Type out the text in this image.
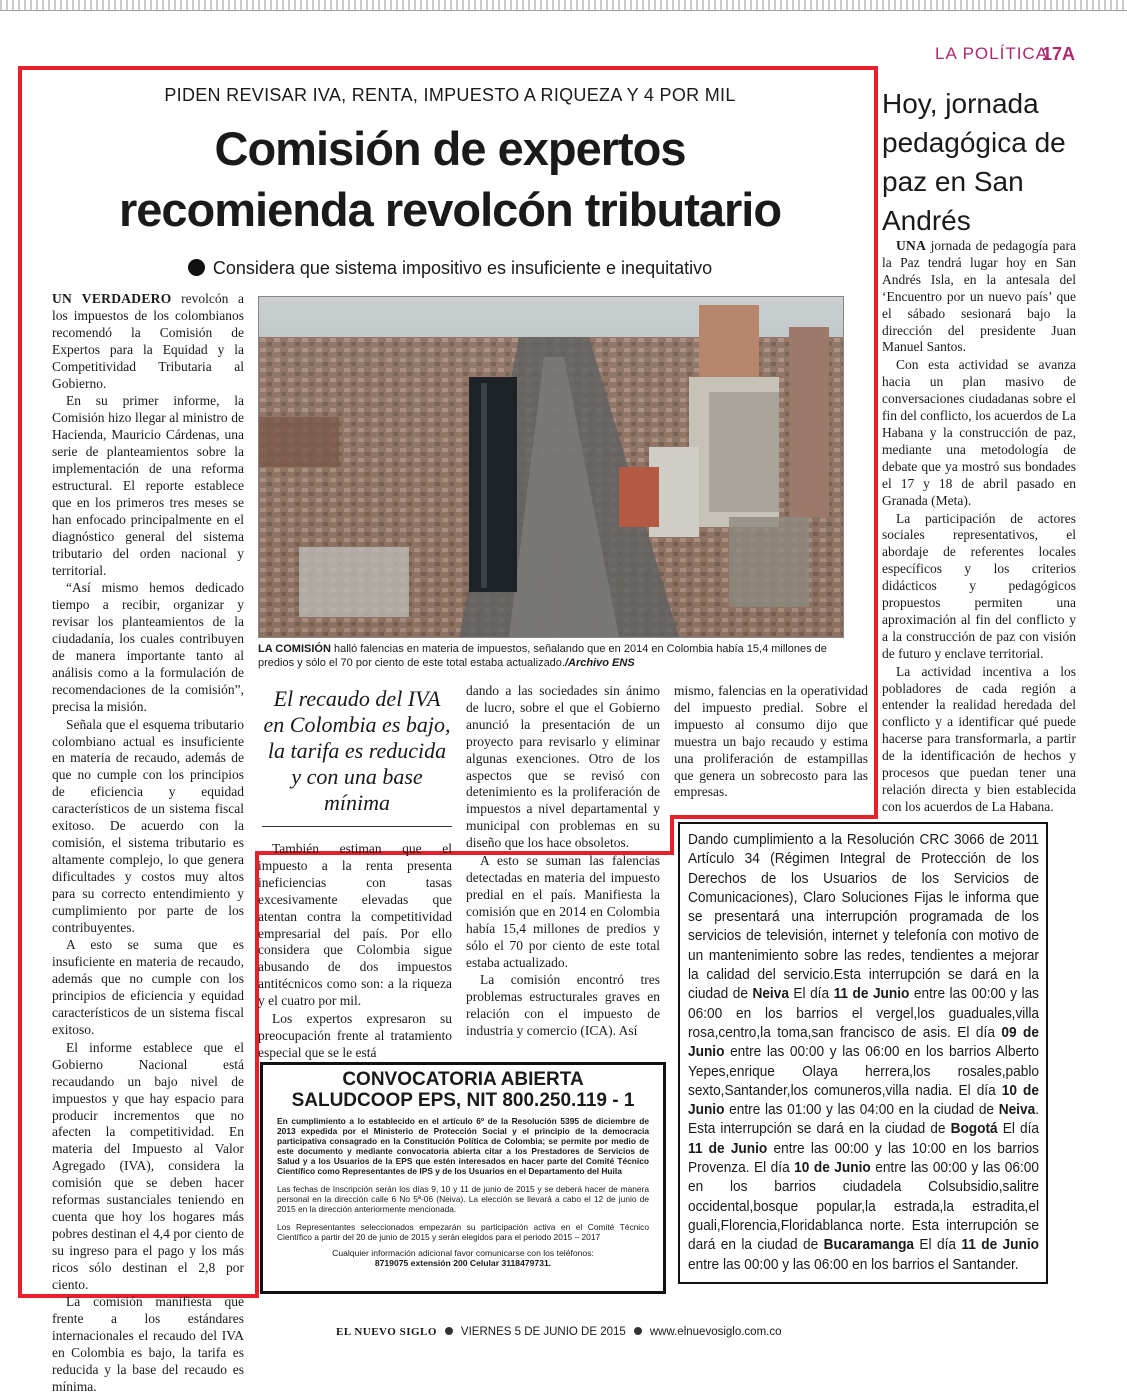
LA POLÍTICA
17A
PIDEN REVISAR IVA, RENTA, IMPUESTO A RIQUEZA Y 4 POR MIL
Comisión de expertos
recomienda revolcón tributario
Considera que sistema impositivo es insuficiente e inequitativo

UN VERDADERO revolcón a los impuestos de los colombianos recomendó la Comisión de Expertos para la Equidad y la Competitividad Tributaria al Gobierno.

En su primer informe, la Comisión hizo llegar al ministro de Hacienda, Mauricio Cárdenas, una serie de planteamientos sobre la implementación de una reforma estructural. El reporte establece que en los primeros tres meses se han enfocado principalmente en el diagnóstico general del sistema tributario del orden nacional y territorial.

“Así mismo hemos dedicado tiempo a recibir, organizar y revisar los planteamientos de la ciudadanía, los cuales contribuyen de manera importante tanto al análisis como a la formulación de recomendaciones de la comisión”, precisa la misión.

Señala que el esquema tributario colombiano actual es insuficiente en materia de recaudo, además de que no cumple con los principios de eficiencia y equidad característicos de un sistema fiscal exitoso. De acuerdo con la comisión, el sistema tributario es altamente complejo, lo que genera dificultades y costos muy altos para su correcto entendimiento y cumplimiento por parte de los contribuyentes.

A esto se suma que es insuficiente en materia de recaudo, además que no cumple con los principios de eficiencia y equidad característicos de un sistema fiscal exitoso.

El informe establece que el Gobierno Nacional está recaudando un bajo nivel de impuestos y que hay espacio para producir incrementos que no afecten la competitividad. En materia del Impuesto al Valor Agregado (IVA), considera la comisión que se deben hacer reformas sustanciales teniendo en cuenta que hoy los hogares más pobres destinan el 4,4 por ciento de su ingreso para el pago y los más ricos sólo destinan el 2,8 por ciento.

La comisión manifiesta que frente a los estándares internacionales el recaudo del IVA en Colombia es bajo, la tarifa es reducida y la base del recaudo es mínima.

LA COMISIÓN halló falencias en materia de impuestos, señalando que en 2014 en Colombia había 15,4 millones de predios y sólo el 70 por ciento de este total estaba actualizado./Archivo ENS
El recaudo del IVA en Colombia es bajo, la tarifa es reducida y con una base mínima

También estiman que el impuesto a la renta presenta ineficiencias con tasas excesivamente elevadas que atentan contra la competitividad empresarial del país. Por ello considera que Colombia sigue abusando de dos impuestos antitécnicos como son: a la riqueza y el cuatro por mil.

Los expertos expresaron su preocupación frente al tratamiento especial que se le está

dando a las sociedades sin ánimo de lucro, sobre el que el Gobierno anunció la presentación de un proyecto para revisarlo y eliminar algunas exenciones. Otro de los aspectos que se revisó con detenimiento es la proliferación de impuestos a nivel departamental y municipal con problemas en su diseño que los hace obsoletos.

A esto se suman las falencias detectadas en materia del impuesto predial en el país. Manifiesta la comisión que en 2014 en Colombia había 15,4 millones de predios y sólo el 70 por ciento de este total estaba actualizado.

La comisión encontró tres problemas estructurales graves en relación con el impuesto de industria y comercio (ICA). Así

mismo, falencias en la operatividad del impuesto predial. Sobre el impuesto al consumo dijo que muestra un bajo recaudo y estima una proliferación de estampillas que genera un sobrecosto para las empresas.

Hoy, jornada pedagógica de paz en San Andrés

UNA jornada de pedagogía para la Paz tendrá lugar hoy en San Andrés Isla, en la antesala del ‘Encuentro por un nuevo país’ que el sábado sesionará bajo la dirección del presidente Juan Manuel Santos.

Con esta actividad se avanza hacia un plan masivo de conversaciones ciudadanas sobre el fin del conflicto, los acuerdos de La Habana y la construcción de paz, mediante una metodología de debate que ya mostró sus bondades el 17 y 18 de abril pasado en Granada (Meta).

La participación de actores sociales representativos, el abordaje de referentes locales específicos y los criterios didácticos y pedagógicos propuestos permiten una aproximación al fin del conflicto y a la construcción de paz con visión de futuro y enclave territorial.

La actividad incentiva a los pobladores de cada región a entender la realidad heredada del conflicto y a identificar qué puede hacerse para transformarla, a partir de la identificación de hechos y procesos que puedan tener una relación directa y bien establecida con los acuerdos de La Habana.

Dando cumplimiento a la Resolución CRC 3066 de 2011 Artículo 34 (Régimen Integral de Protección de los Derechos de los Usuarios de los Servicios de Comunicaciones), Claro Soluciones Fijas le informa que se presentará una interrupción programada de los servicios de televisión, internet y telefonía con motivo de un mantenimiento sobre las redes, tendientes a mejorar la calidad del servicio.Esta interrupción se dará en la ciudad de Neiva El día 11 de Junio entre las 00:00 y las 06:00 en los barrios el vergel,los guaduales,villa rosa,centro,la toma,san francisco de asis. El día 09 de Junio entre las 00:00 y las 06:00 en los barrios Alberto Yepes,enrique Olaya herrera,los rosales,pablo sexto,Santander,los comuneros,villa nadia. El día 10 de Junio entre las 01:00 y las 04:00 en la ciudad de Neiva. Esta interrupción se dará en la ciudad de Bogotá El día 11 de Junio entre las 00:00 y las 10:00 en los barrios Provenza. El día 10 de Junio entre las 00:00 y las 06:00 en los barrios ciudadela Colsubsidio,salitre occidental,bosque popular,la estrada,la estradita,el guali,Florencia,Floridablanca norte. Esta interrupción se dará en la ciudad de Bucaramanga El día 11 de Junio entre las 00:00 y las 06:00 en los barrios el Santander.
CONVOCATORIA ABIERTA
SALUDCOOP EPS, NIT 800.250.119 - 1
En cumplimiento a lo establecido en el artículo 6º de la Resolución 5395 de diciembre de 2013 expedida por el Ministerio de Protección Social y el principio de la democracia participativa consagrado en la Constitución Política de Colombia; se permite por medio de este documento y mediante convocatoria abierta citar a los Prestadores de Servicios de Salud y a los Usuarios de la EPS que estén interesados en hacer parte del Comité Técnico Científico como Representantes de IPS y de los Usuarios en el Departamento del Huila
Las fechas de Inscripción serán los días 9, 10 y 11 de junio de 2015 y se deberá hacer de manera personal en la dirección calle 6 No 5ª-06 (Neiva). La elección se llevará a cabo el 12 de junio de 2015 en la dirección anteriormente mencionada.
Los Representantes seleccionados empezarán su participación activa en el Comité Técnico Científico a partir del 20 de junio de 2015 y serán elegidos para el periodo 2015 – 2017
Cualquier información adicional favor comunicarse con los teléfonos:
8719075 extensión 200 Celular 3118479731.
EL NUEVO SIGLO VIERNES 5 DE JUNIO DE 2015 www.elnuevosiglo.com.co
